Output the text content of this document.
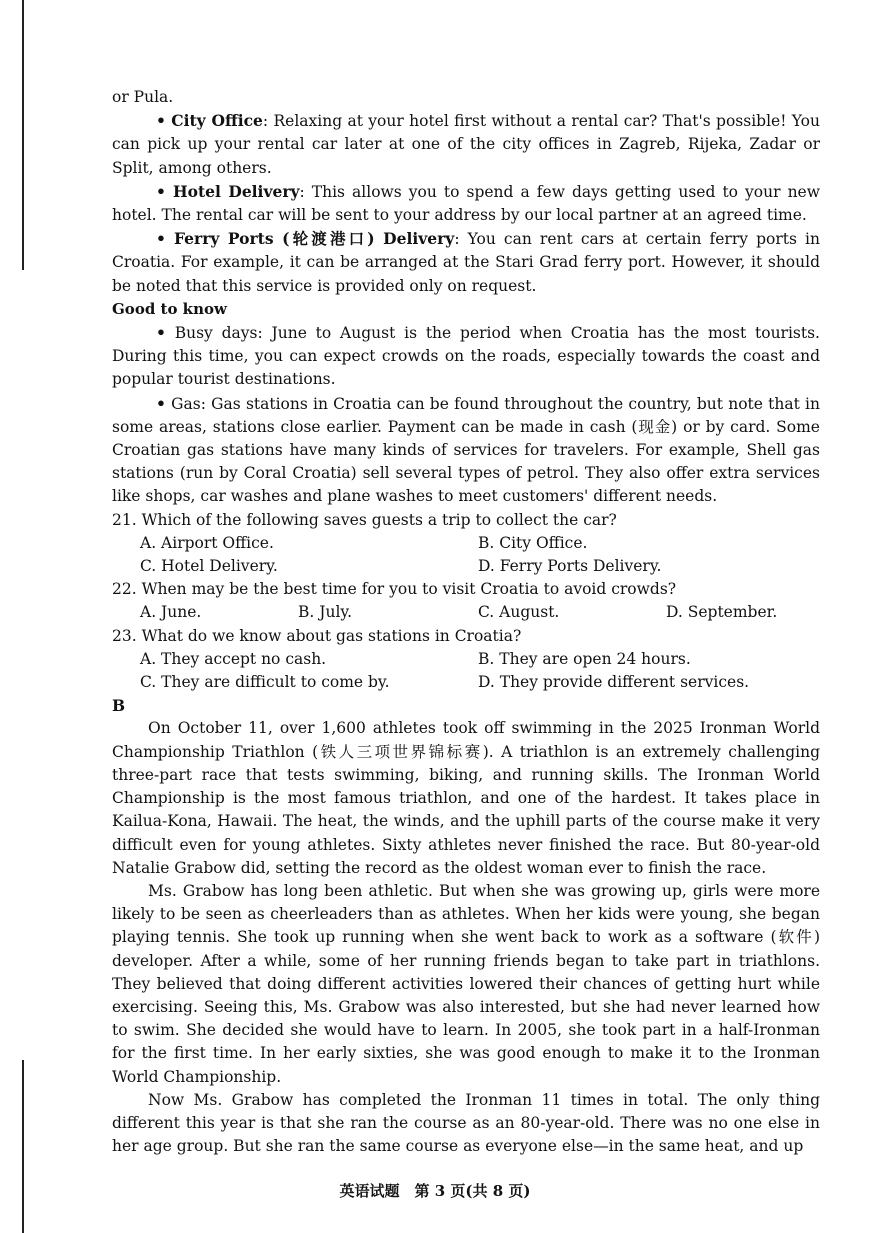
or Pula.

• City Office: Relaxing at your hotel first without a rental car? That's possible! You can pick up your rental car later at one of the city offices in Zagreb, Rijeka, Zadar or Split, among others.

• Hotel Delivery: This allows you to spend a few days getting used to your new hotel. The rental car will be sent to your address by our local partner at an agreed time.

• Ferry Ports (轮渡港口) Delivery: You can rent cars at certain ferry ports in Croatia. For example, it can be arranged at the Stari Grad ferry port. However, it should be noted that this service is provided only on request.

Good to know

• Busy days: June to August is the period when Croatia has the most tourists. During this time, you can expect crowds on the roads, especially towards the coast and popular tourist destinations.

• Gas: Gas stations in Croatia can be found throughout the country, but note that in some areas, stations close earlier. Payment can be made in cash (现金) or by card. Some Croatian gas stations have many kinds of services for travelers. For example, Shell gas stations (run by Coral Croatia) sell several types of petrol. They also offer extra services like shops, car washes and plane washes to meet customers' different needs.

21. Which of the following saves guests a trip to collect the car?

A. Airport Office.	B. City Office.
C. Hotel Delivery.	D. Ferry Ports Delivery.

22. When may be the best time for you to visit Croatia to avoid crowds?

A. June.	B. July.	C. August.	D. September.

23. What do we know about gas stations in Croatia?

A. They accept no cash.	B. They are open 24 hours.
C. They are difficult to come by.	D. They provide different services.

B

On October 11, over 1,600 athletes took off swimming in the 2025 Ironman World Championship Triathlon (铁人三项世界锦标赛). A triathlon is an extremely challenging three-part race that tests swimming, biking, and running skills. The Ironman World Championship is the most famous triathlon, and one of the hardest. It takes place in Kailua-Kona, Hawaii. The heat, the winds, and the uphill parts of the course make it very difficult even for young athletes. Sixty athletes never finished the race. But 80-year-old Natalie Grabow did, setting the record as the oldest woman ever to finish the race.

Ms. Grabow has long been athletic. But when she was growing up, girls were more likely to be seen as cheerleaders than as athletes. When her kids were young, she began playing tennis. She took up running when she went back to work as a software (软件) developer. After a while, some of her running friends began to take part in triathlons. They believed that doing different activities lowered their chances of getting hurt while exercising. Seeing this, Ms. Grabow was also interested, but she had never learned how to swim. She decided she would have to learn. In 2005, she took part in a half-Ironman for the first time. In her early sixties, she was good enough to make it to the Ironman World Championship.

Now Ms. Grabow has completed the Ironman 11 times in total. The only thing different this year is that she ran the course as an 80-year-old. There was no one else in her age group. But she ran the same course as everyone else—in the same heat, and up

英语试题　第 3 页(共 8 页)
